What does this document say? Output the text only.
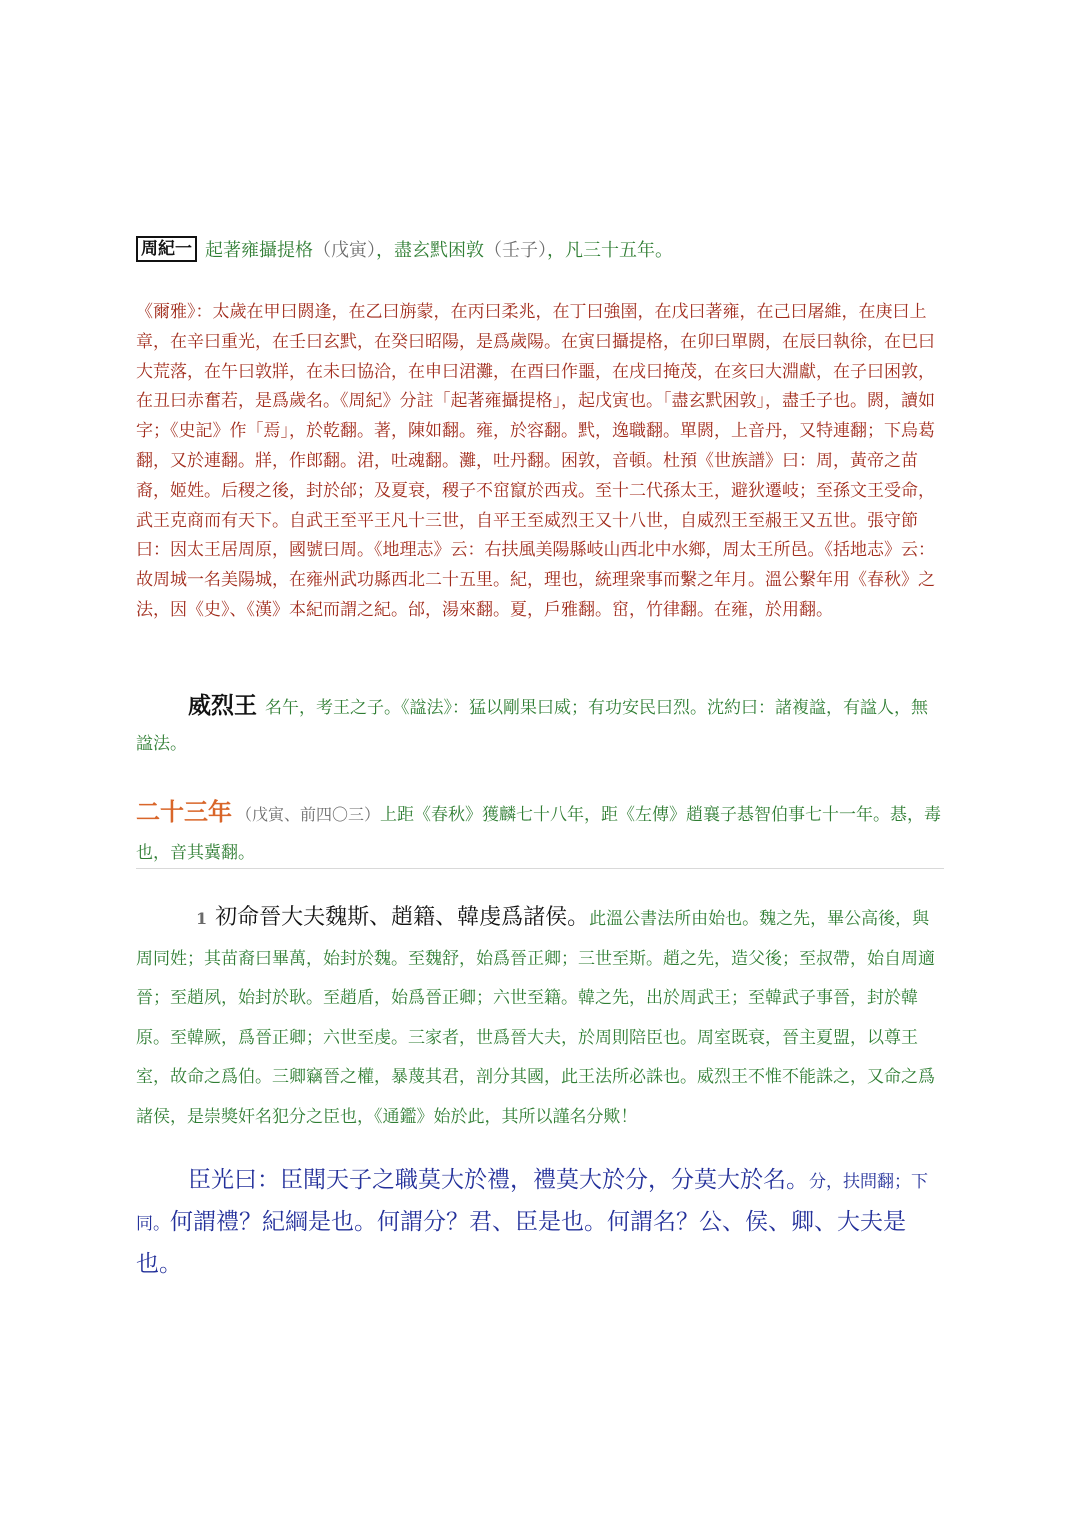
周紀一 起著雍攝提格（戊寅），盡玄黓困敦（壬子），凡三十五年。
《爾雅》：太歲在甲曰閼逢，在乙曰旃蒙，在丙曰柔兆，在丁曰強圉，在戊曰著雍，在己曰屠維，在庚曰上章，在辛曰重光，在壬曰玄黓，在癸曰昭陽，是爲歲陽。在寅曰攝提格，在卯曰單閼，在辰曰執徐，在巳曰大荒落，在午曰敦牂，在未曰協洽，在申曰涒灘，在酉曰作噩，在戌曰掩茂，在亥曰大淵獻，在子曰困敦，在丑曰赤奮若，是爲歲名。《周紀》分註「起著雍攝提格」，起戊寅也。「盡玄黓困敦」，盡壬子也。閼，讀如字；《史記》作「焉」，於乾翻。著，陳如翻。雍，於容翻。黓，逸職翻。單閼，上音丹，又特連翻；下烏葛翻，又於連翻。牂，作郎翻。涒，吐魂翻。灘，吐丹翻。困敦，音頓。杜預《世族譜》曰：周，黃帝之苗裔，姬姓。后稷之後，封於邰；及夏衰，稷子不窋竄於西戎。至十二代孫太王，避狄遷岐；至孫文王受命，武王克商而有天下。自武王至平王凡十三世，自平王至威烈王又十八世，自威烈王至赧王又五世。張守節曰：因太王居周原，國號曰周。《地理志》云：右扶風美陽縣岐山西北中水鄉，周太王所邑。《括地志》云：故周城一名美陽城，在雍州武功縣西北二十五里。紀，理也，統理衆事而繫之年月。溫公繫年用《春秋》之法，因《史》、《漢》本紀而謂之紀。邰，湯來翻。夏，戶雅翻。窋，竹律翻。在雍，於用翻。
威烈王 名午，考王之子。《諡法》：猛以剛果曰威；有功安民曰烈。沈約曰：諸複諡，有諡人，無諡法。
二十三年 （戊寅、前四〇三）上距《春秋》獲麟七十八年，距《左傳》趙襄子惎智伯事七十一年。惎，毒也，音其冀翻。
1 初命晉大夫魏斯、趙籍、韓虔爲諸侯。此溫公書法所由始也。魏之先，畢公高後，與周同姓；其苗裔曰畢萬，始封於魏。至魏舒，始爲晉正卿；三世至斯。趙之先，造父後；至叔帶，始自周適晉；至趙夙，始封於耿。至趙盾，始爲晉正卿；六世至籍。韓之先，出於周武王；至韓武子事晉，封於韓原。至韓厥，爲晉正卿；六世至虔。三家者，世爲晉大夫，於周則陪臣也。周室既衰，晉主夏盟，以尊王室，故命之爲伯。三卿竊晉之權，暴蔑其君，剖分其國，此王法所必誅也。威烈王不惟不能誅之，又命之爲諸侯，是崇獎奸名犯分之臣也，《通鑑》始於此，其所以謹名分歟！
臣光曰：臣聞天子之職莫大於禮，禮莫大於分，分莫大於名。分，扶問翻；下同。何謂禮？紀綱是也。何謂分？君、臣是也。何謂名？公、侯、卿、大夫是也。
